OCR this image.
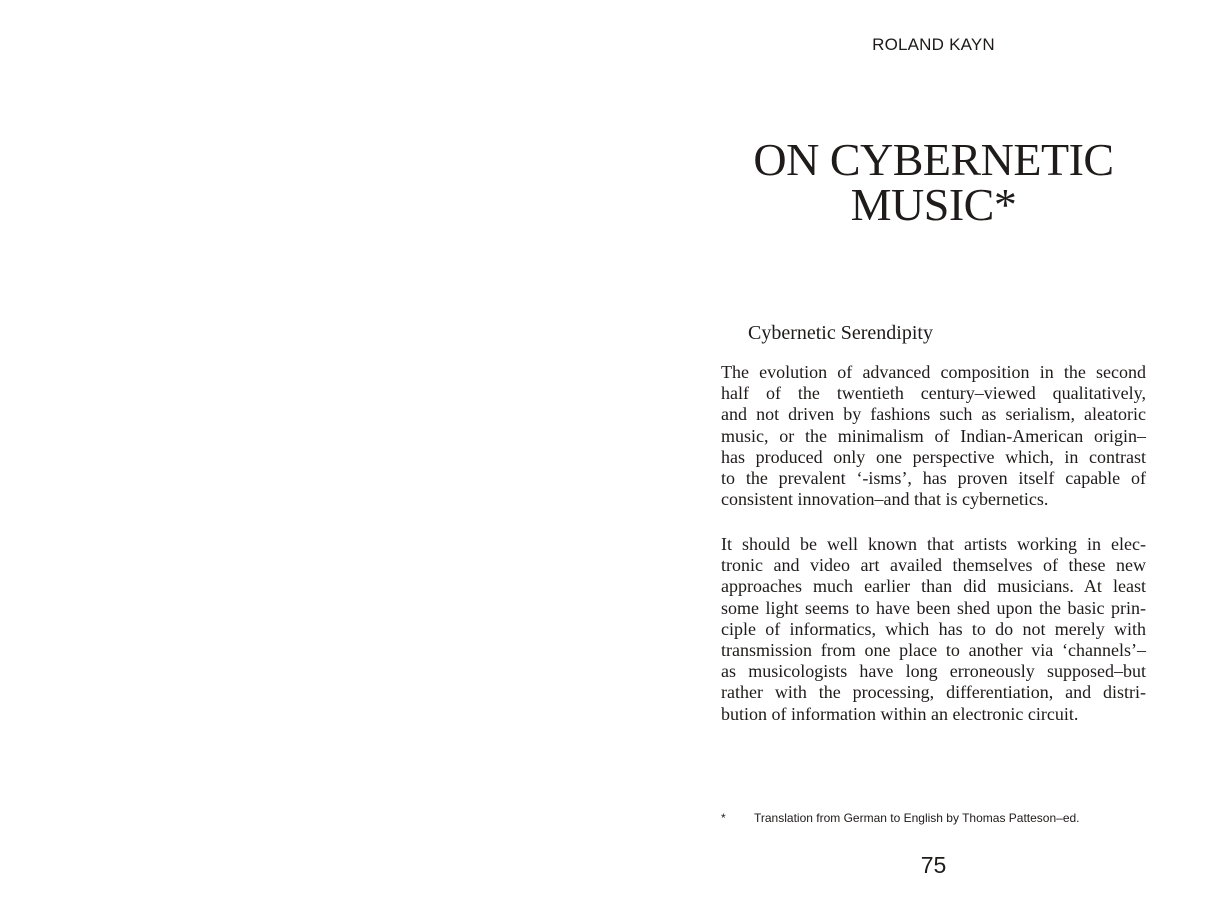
ROLAND KAYN
ON CYBERNETIC
MUSIC*
Cybernetic Serendipity
The evolution of advanced composition in the second
half of the twentieth century–viewed qualitatively,
and not driven by fashions such as serialism, aleatoric
music, or the minimalism of Indian-American origin–
has produced only one perspective which, in contrast
to the prevalent ‘-isms’, has proven itself capable of
consistent innovation–and that is cybernetics.
It should be well known that artists working in elec-
tronic and video art availed themselves of these new
approaches much earlier than did musicians. At least
some light seems to have been shed upon the basic prin-
ciple of informatics, which has to do not merely with
transmission from one place to another via ‘channels’–
as musicologists have long erroneously supposed–but
rather with the processing, differentiation, and distri-
bution of information within an electronic circuit.
*	Translation from German to English by Thomas Patteson–ed.
75
